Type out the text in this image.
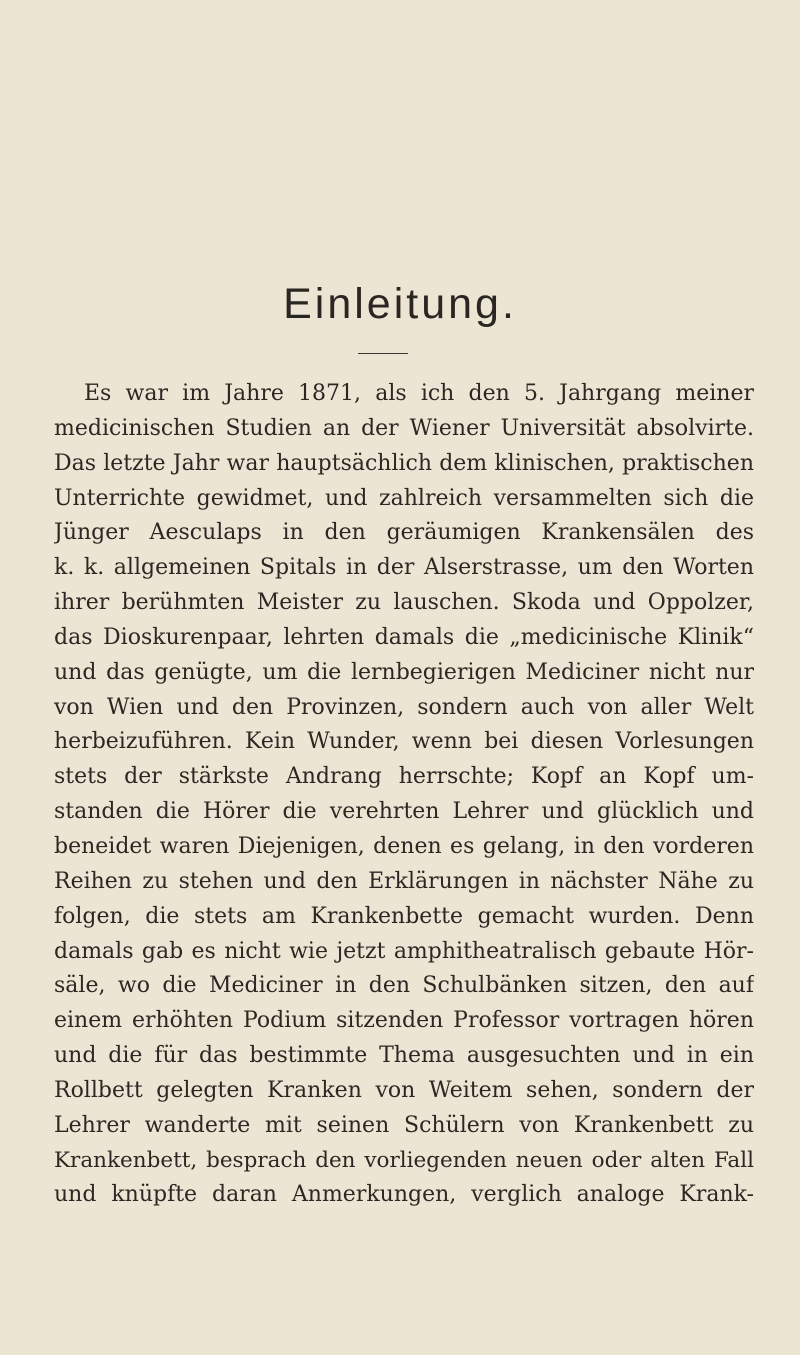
Einleitung.
Es war im Jahre 1871, als ich den 5. Jahrgang meiner
medicinischen Studien an der Wiener Universität absolvirte.
Das letzte Jahr war hauptsächlich dem klinischen, praktischen
Unterrichte gewidmet, und zahlreich versammelten sich die
Jünger Aesculaps in den geräumigen Krankensälen des
k. k. allgemeinen Spitals in der Alserstrasse, um den Worten
ihrer berühmten Meister zu lauschen. Skoda und Oppolzer,
das Dioskurenpaar, lehrten damals die „medicinische Klinik“
und das genügte, um die lernbegierigen Mediciner nicht nur
von Wien und den Provinzen, sondern auch von aller Welt
herbeizuführen. Kein Wunder, wenn bei diesen Vorlesungen
stets der stärkste Andrang herrschte; Kopf an Kopf um-
standen die Hörer die verehrten Lehrer und glücklich und
beneidet waren Diejenigen, denen es gelang, in den vorderen
Reihen zu stehen und den Erklärungen in nächster Nähe zu
folgen, die stets am Krankenbette gemacht wurden. Denn
damals gab es nicht wie jetzt amphitheatralisch gebaute Hör-
säle, wo die Mediciner in den Schulbänken sitzen, den auf
einem erhöhten Podium sitzenden Professor vortragen hören
und die für das bestimmte Thema ausgesuchten und in ein
Rollbett gelegten Kranken von Weitem sehen, sondern der
Lehrer wanderte mit seinen Schülern von Krankenbett zu
Krankenbett, besprach den vorliegenden neuen oder alten Fall
und knüpfte daran Anmerkungen, verglich analoge Krank-
